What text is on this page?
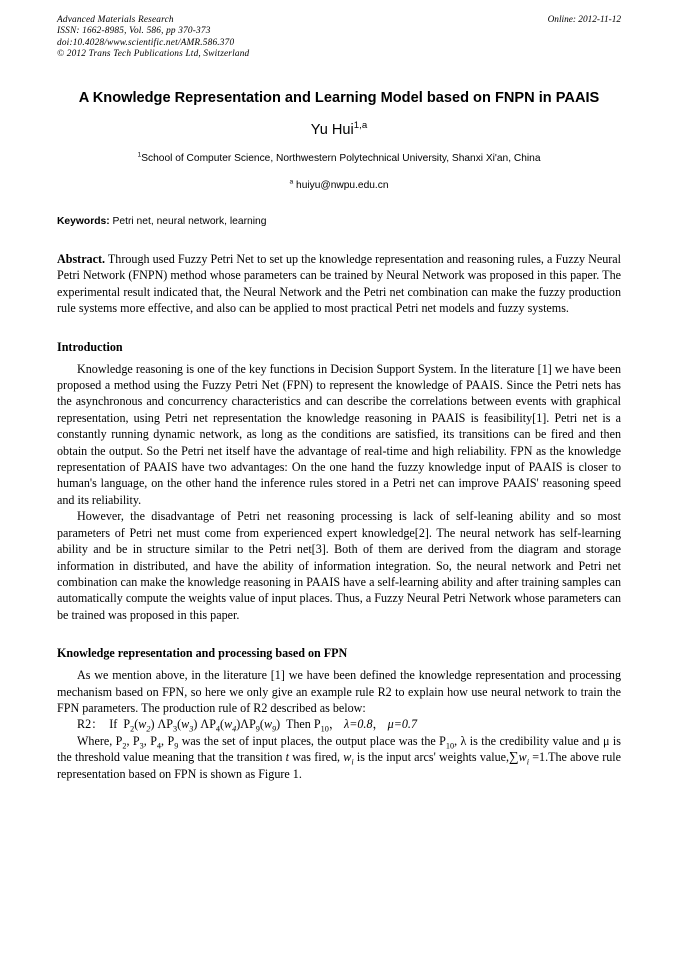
Advanced Materials Research
ISSN: 1662-8985, Vol. 586, pp 370-373
doi:10.4028/www.scientific.net/AMR.586.370
© 2012 Trans Tech Publications Ltd, Switzerland
Online: 2012-11-12
A Knowledge Representation and Learning Model based on FNPN in PAAIS
Yu Hui$^{1,a}$
$^1$School of Computer Science, Northwestern Polytechnical University, Shanxi Xi'an, China
$^a$ huiyu@nwpu.edu.cn
Keywords: Petri net, neural network, learning
Abstract. Through used Fuzzy Petri Net to set up the knowledge representation and reasoning rules, a Fuzzy Neural Petri Network (FNPN) method whose parameters can be trained by Neural Network was proposed in this paper. The experimental result indicated that, the Neural Network and the Petri net combination can make the fuzzy production rule systems more effective, and also can be applied to most practical Petri net models and fuzzy systems.
Introduction
Knowledge reasoning is one of the key functions in Decision Support System. In the literature [1] we have been proposed a method using the Fuzzy Petri Net (FPN) to represent the knowledge of PAAIS. Since the Petri nets has the asynchronous and concurrency characteristics and can describe the correlations between events with graphical representation, using Petri net representation the knowledge reasoning in PAAIS is feasibility[1]. Petri net is a constantly running dynamic network, as long as the conditions are satisfied, its transitions can be fired and then obtain the output. So the Petri net itself have the advantage of real-time and high reliability. FPN as the knowledge representation of PAAIS have two advantages: On the one hand the fuzzy knowledge input of PAAIS is closer to human's language, on the other hand the inference rules stored in a Petri net can improve PAAIS' reasoning speed and its reliability.
However, the disadvantage of Petri net reasoning processing is lack of self-leaning ability and so most parameters of Petri net must come from experienced expert knowledge[2]. The neural network has self-learning ability and be in structure similar to the Petri net[3]. Both of them are derived from the diagram and storage information in distributed, and have the ability of information integration. So, the neural network and Petri net combination can make the knowledge reasoning in PAAIS have a self-learning ability and after training samples can automatically compute the weights value of input places. Thus, a Fuzzy Neural Petri Network whose parameters can be trained was proposed in this paper.
Knowledge representation and processing based on FPN
As we mention above, in the literature [1] we have been defined the knowledge representation and processing mechanism based on FPN, so here we only give an example rule R2 to explain how use neural network to train the FPN parameters. The production rule of R2 described as below:
R2： If $P_2(w_2)$ $\Lambda P_3(w_3)$ $\Lambda P_4(w_4)\Lambda P_9(w_9)$ Then $P_{10}$， λ=0.8， μ=0.7
Where, $P_2$, $P_3$, $P_4$, $P_9$ was the set of input places, the output place was the $P_{10}$, λ is the credibility value and μ is the threshold value meaning that the transition t was fired, $w_i$ is the input arcs' weights $value,\sum w_i =1.The$ above rule representation based on FPN is shown as Figure 1.
